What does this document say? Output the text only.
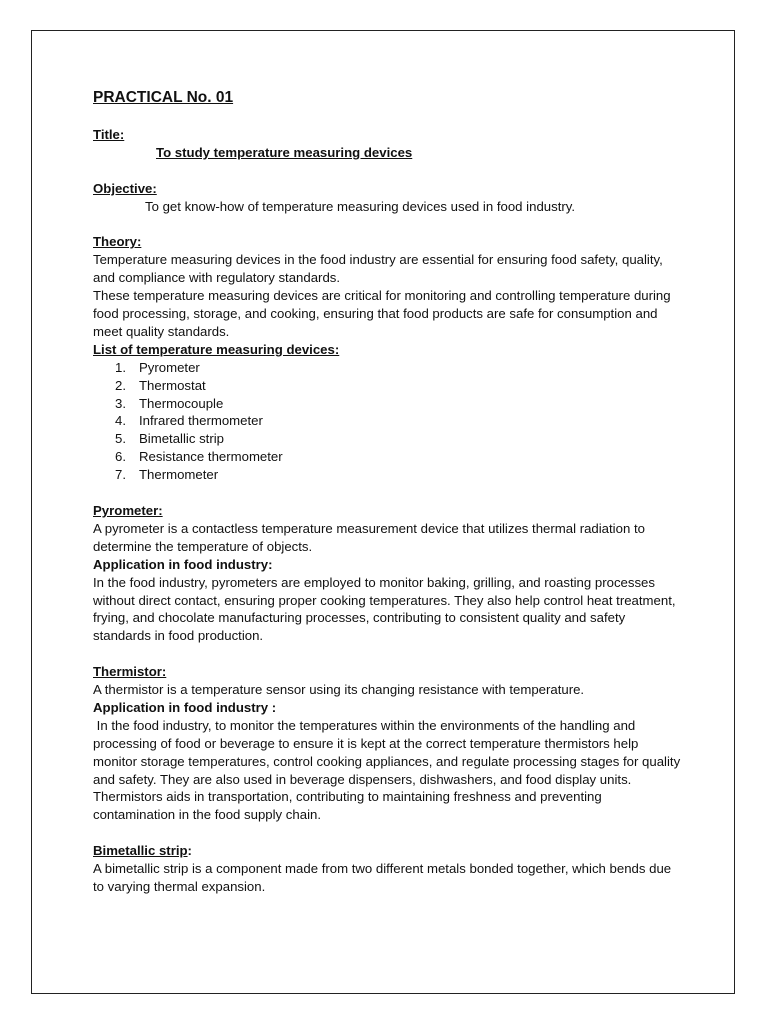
PRACTICAL No. 01

Title:

To study temperature measuring devices

Objective:

To get know-how of temperature measuring devices used in food industry.

Theory:

Temperature measuring devices in the food industry are essential for ensuring food safety, quality, and compliance with regulatory standards.

These temperature measuring devices are critical for monitoring and controlling temperature during food processing, storage, and cooking, ensuring that food products are safe for consumption and meet quality standards.

List of temperature measuring devices:

1. Pyrometer
2. Thermostat
3. Thermocouple
4. Infrared thermometer
5. Bimetallic strip
6. Resistance thermometer
7. Thermometer

Pyrometer:

A pyrometer is a contactless temperature measurement device that utilizes thermal radiation to determine the temperature of objects.

Application in food industry:

In the food industry, pyrometers are employed to monitor baking, grilling, and roasting processes without direct contact, ensuring proper cooking temperatures. They also help control heat treatment, frying, and chocolate manufacturing processes, contributing to consistent quality and safety standards in food production.

Thermistor:

A thermistor is a temperature sensor using its changing resistance with temperature.

Application in food industry :

In the food industry, to monitor the temperatures within the environments of the handling and processing of food or beverage to ensure it is kept at the correct temperature thermistors help monitor storage temperatures, control cooking appliances, and regulate processing stages for quality and safety. They are also used in beverage dispensers, dishwashers, and food display units.

Thermistors aids in transportation, contributing to maintaining freshness and preventing contamination in the food supply chain.

Bimetallic strip:

A bimetallic strip is a component made from two different metals bonded together, which bends due to varying thermal expansion.
